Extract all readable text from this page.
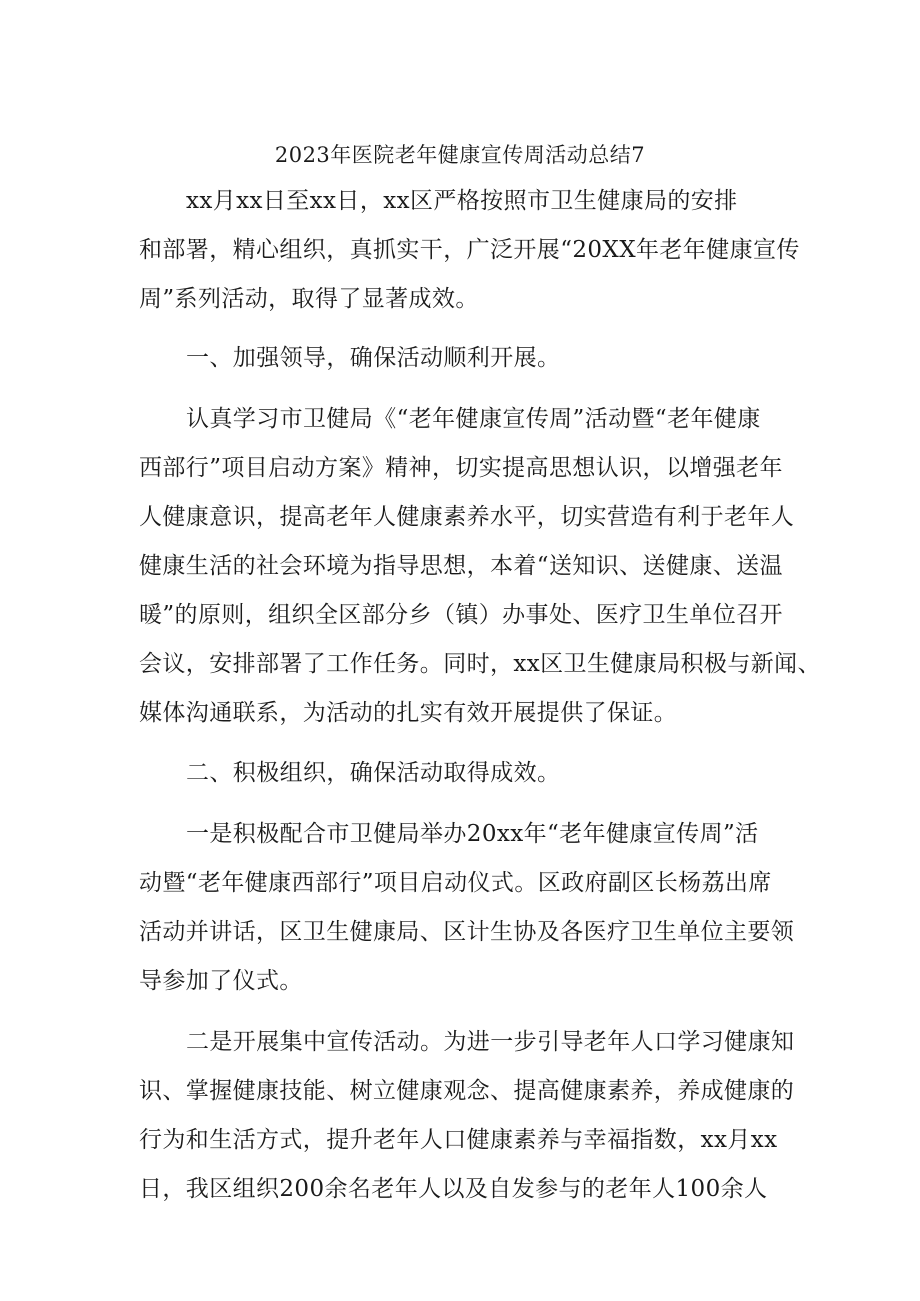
2023年医院老年健康宣传周活动总结7
xx月xx日至xx日，xx区严格按照市卫生健康局的安排
和部署，精心组织，真抓实干，广泛开展“20XX年老年健康宣传
周”系列活动，取得了显著成效。
一、加强领导，确保活动顺利开展。
认真学习市卫健局《“老年健康宣传周”活动暨“老年健康
西部行”项目启动方案》精神，切实提高思想认识，以增强老年
人健康意识，提高老年人健康素养水平，切实营造有利于老年人
健康生活的社会环境为指导思想，本着“送知识、送健康、送温
暖”的原则，组织全区部分乡（镇）办事处、医疗卫生单位召开
会议，安排部署了工作任务。同时，xx区卫生健康局积极与新闻、
媒体沟通联系，为活动的扎实有效开展提供了保证。
二、积极组织，确保活动取得成效。
一是积极配合市卫健局举办20xx年“老年健康宣传周”活
动暨“老年健康西部行”项目启动仪式。区政府副区长杨荔出席
活动并讲话，区卫生健康局、区计生协及各医疗卫生单位主要领
导参加了仪式。
二是开展集中宣传活动。为进一步引导老年人口学习健康知
识、掌握健康技能、树立健康观念、提高健康素养，养成健康的
行为和生活方式，提升老年人口健康素养与幸福指数，xx月xx
日，我区组织200余名老年人以及自发参与的老年人100余人
